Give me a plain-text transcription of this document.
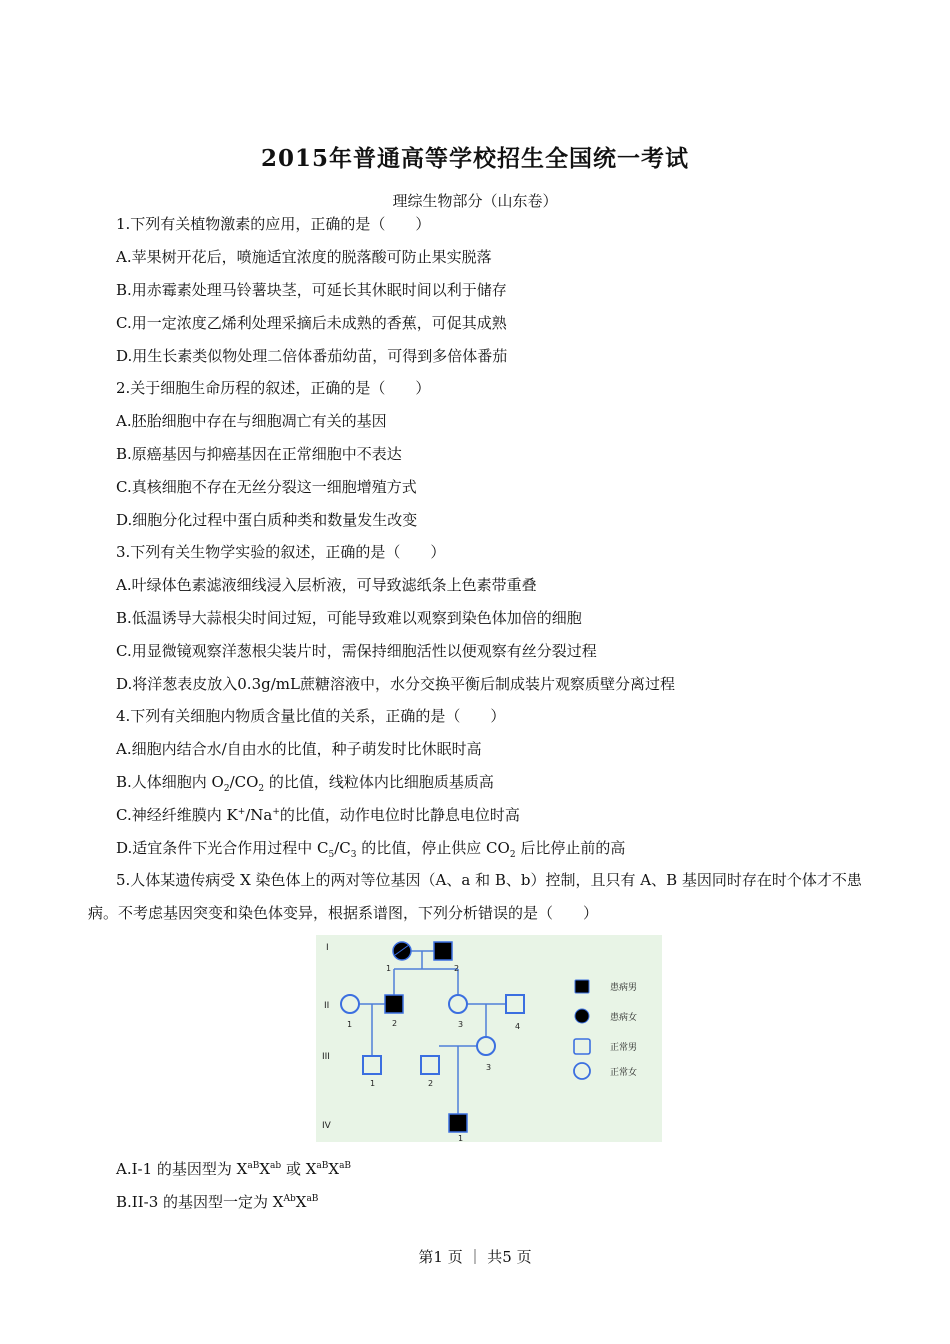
2015年普通高等学校招生全国统一考试
理综生物部分（山东卷）
1.下列有关植物激素的应用，正确的是（　　）
A.苹果树开花后，喷施适宜浓度的脱落酸可防止果实脱落
B.用赤霉素处理马铃薯块茎，可延长其休眠时间以利于储存
C.用一定浓度乙烯利处理采摘后未成熟的香蕉，可促其成熟
D.用生长素类似物处理二倍体番茄幼苗，可得到多倍体番茄
2.关于细胞生命历程的叙述，正确的是（　　）
A.胚胎细胞中存在与细胞凋亡有关的基因
B.原癌基因与抑癌基因在正常细胞中不表达
C.真核细胞不存在无丝分裂这一细胞增殖方式
D.细胞分化过程中蛋白质种类和数量发生改变
3.下列有关生物学实验的叙述，正确的是（　　）
A.叶绿体色素滤液细线浸入层析液，可导致滤纸条上色素带重叠
B.低温诱导大蒜根尖时间过短，可能导致难以观察到染色体加倍的细胞
C.用显微镜观察洋葱根尖装片时，需保持细胞活性以便观察有丝分裂过程
D.将洋葱表皮放入0.3g/mL蔗糖溶液中，水分交换平衡后制成装片观察质壁分离过程
4.下列有关细胞内物质含量比值的关系，正确的是（　　）
A.细胞内结合水/自由水的比值，种子萌发时比休眠时高
B.人体细胞内 $O_2/CO_2$ 的比值，线粒体内比细胞质基质高
C.神经纤维膜内 K+/Na+的比值，动作电位时比静息电位时高
D.适宜条件下光合作用过程中 $C_5/C_3$ 的比值，停止供应 $CO_2$ 后比停止前的高
5.人体某遗传病受 X 染色体上的两对等位基因（A、a 和 B、b）控制，且只有 A、B 基因同时存在时个体才不患病。不考虑基因突变和染色体变异，根据系谱图，下列分析错误的是（　　）
I
II
III
IV
1	2
1	2	3	4
1	2
3
1
患病男
患病女
正常男
正常女
A.I-1 的基因型为 $X^{aB}X^{ab}$ 或 $X^{aB}X^{aB}$
B.II-3 的基因型一定为 $X^{Ab}X^{aB}$
第1 页 ｜ 共5 页
